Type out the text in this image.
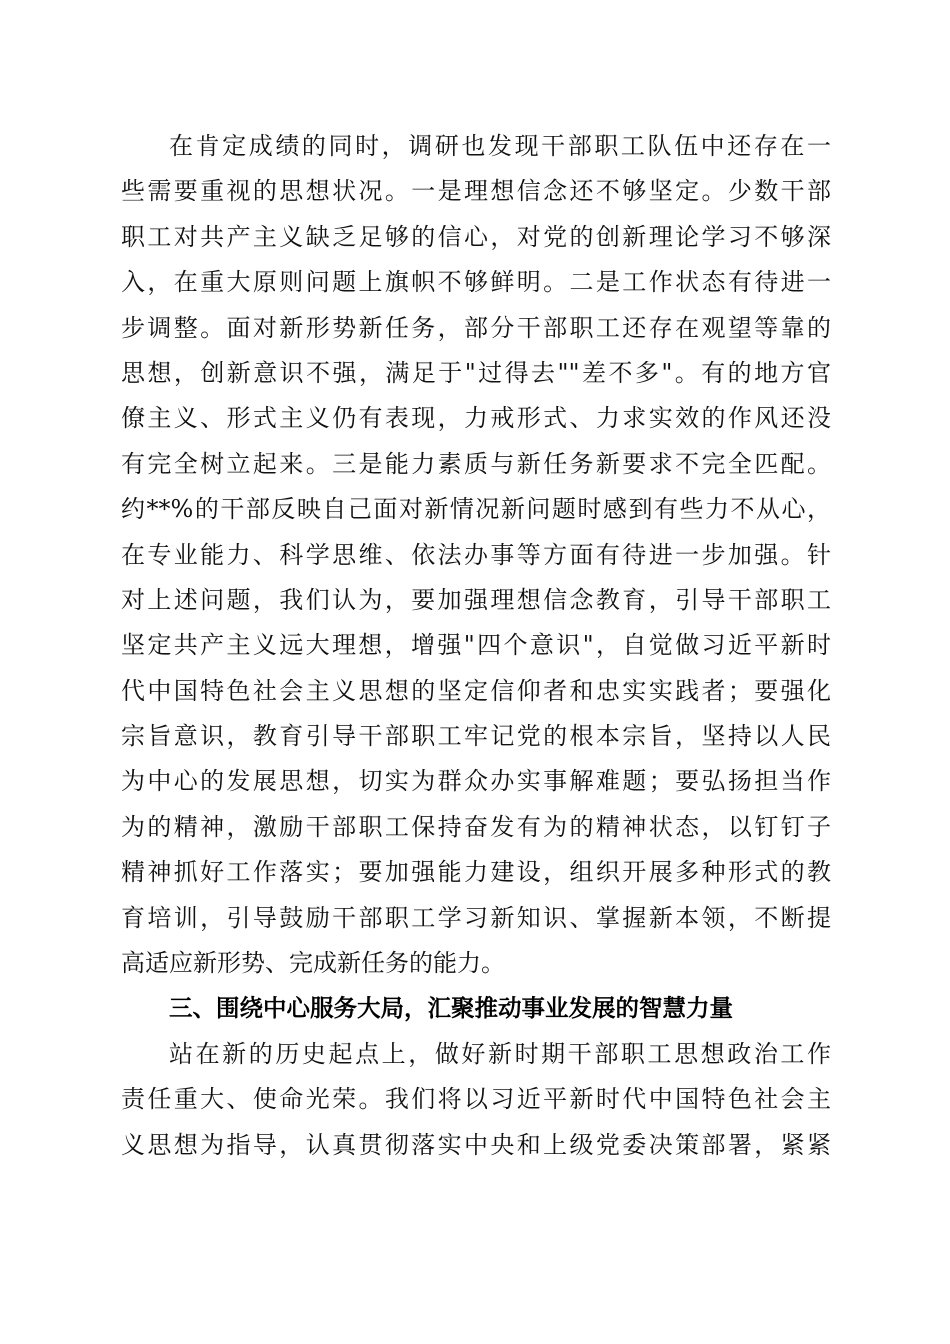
在肯定成绩的同时，调研也发现干部职工队伍中还存在一
些需要重视的思想状况。一是理想信念还不够坚定。少数干部
职工对共产主义缺乏足够的信心，对党的创新理论学习不够深
入，在重大原则问题上旗帜不够鲜明。二是工作状态有待进一
步调整。面对新形势新任务，部分干部职工还存在观望等靠的
思想，创新意识不强，满足于"过得去""差不多"。有的地方官
僚主义、形式主义仍有表现，力戒形式、力求实效的作风还没
有完全树立起来。三是能力素质与新任务新要求不完全匹配。
约**%的干部反映自己面对新情况新问题时感到有些力不从心，
在专业能力、科学思维、依法办事等方面有待进一步加强。针
对上述问题，我们认为，要加强理想信念教育，引导干部职工
坚定共产主义远大理想，增强"四个意识"，自觉做习近平新时
代中国特色社会主义思想的坚定信仰者和忠实实践者；要强化
宗旨意识，教育引导干部职工牢记党的根本宗旨，坚持以人民
为中心的发展思想，切实为群众办实事解难题；要弘扬担当作
为的精神，激励干部职工保持奋发有为的精神状态，以钉钉子
精神抓好工作落实；要加强能力建设，组织开展多种形式的教
育培训，引导鼓励干部职工学习新知识、掌握新本领，不断提
高适应新形势、完成新任务的能力。
三、围绕中心服务大局，汇聚推动事业发展的智慧力量
站在新的历史起点上，做好新时期干部职工思想政治工作
责任重大、使命光荣。我们将以习近平新时代中国特色社会主
义思想为指导，认真贯彻落实中央和上级党委决策部署，紧紧
